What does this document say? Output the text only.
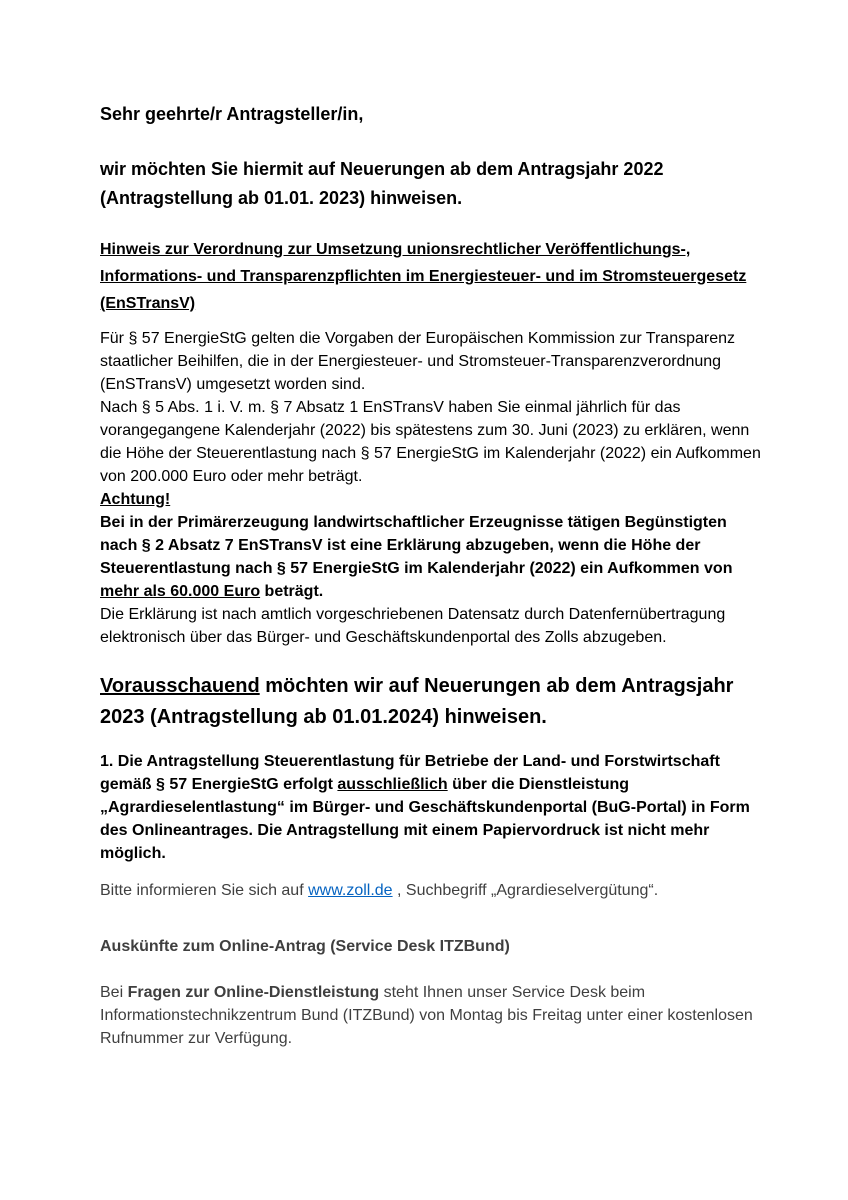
Sehr geehrte/r Antragsteller/in,

wir möchten Sie hiermit auf Neuerungen ab dem Antragsjahr 2022 (Antragstellung ab 01.01. 2023) hinweisen.

Hinweis zur Verordnung zur Umsetzung unionsrechtlicher Veröffentlichungs-, Informations- und Transparenzpflichten im Energiesteuer- und im Stromsteuergesetz (EnSTransV)

Für § 57 EnergieStG gelten die Vorgaben der Europäischen Kommission zur Transparenz staatlicher Beihilfen, die in der Energiesteuer- und Stromsteuer-Transparenzverordnung (EnSTransV) umgesetzt worden sind.

Nach § 5 Abs. 1 i. V. m. § 7 Absatz 1 EnSTransV haben Sie einmal jährlich für das vorangegangene Kalenderjahr (2022) bis spätestens zum 30. Juni (2023) zu erklären, wenn die Höhe der Steuerentlastung nach § 57 EnergieStG im Kalenderjahr (2022) ein Aufkommen von 200.000 Euro oder mehr beträgt.

Achtung!

Bei in der Primärerzeugung landwirtschaftlicher Erzeugnisse tätigen Begünstigten nach § 2 Absatz 7 EnSTransV ist eine Erklärung abzugeben, wenn die Höhe der Steuerentlastung nach § 57 EnergieStG im Kalenderjahr (2022) ein Aufkommen von mehr als 60.000 Euro beträgt.

Die Erklärung ist nach amtlich vorgeschriebenen Datensatz durch Datenfernübertragung elektronisch über das Bürger- und Geschäftskundenportal des Zolls abzugeben.

Vorausschauend möchten wir auf Neuerungen ab dem Antragsjahr 2023 (Antragstellung ab 01.01.2024) hinweisen.

1. Die Antragstellung Steuerentlastung für Betriebe der Land- und Forstwirtschaft gemäß § 57 EnergieStG erfolgt ausschließlich über die Dienstleistung „Agrardieselentlastung“ im Bürger- und Geschäftskundenportal (BuG-Portal) in Form des Onlineantrages. Die Antragstellung mit einem Papiervordruck ist nicht mehr möglich.

Bitte informieren Sie sich auf www.zoll.de , Suchbegriff „Agrardieselvergütung“.

Auskünfte zum Online-Antrag (Service Desk ITZBund)

Bei Fragen zur Online-Dienstleistung steht Ihnen unser Service Desk beim Informationstechnikzentrum Bund (ITZBund) von Montag bis Freitag unter einer kostenlosen Rufnummer zur Verfügung.
